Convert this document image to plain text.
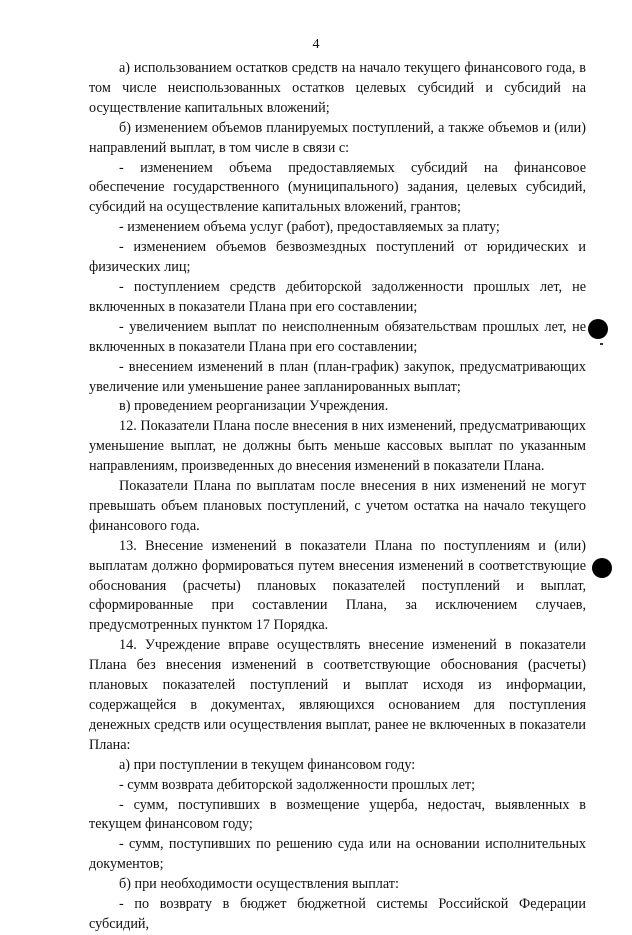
4

а) использованием остатков средств на начало текущего финансового года, в том числе неиспользованных остатков целевых субсидий и субсидий на осуществление капитальных вложений;

б) изменением объемов планируемых поступлений, а также объемов и (или) направлений выплат, в том числе в связи с:

- изменением объема предоставляемых субсидий на финансовое обеспечение государственного (муниципального) задания, целевых субсидий, субсидий на осуществление капитальных вложений, грантов;

- изменением объема услуг (работ), предоставляемых за плату;

- изменением объемов безвозмездных поступлений от юридических и физических лиц;

- поступлением средств дебиторской задолженности прошлых лет, не включенных в показатели Плана при его составлении;

- увеличением выплат по неисполненным обязательствам прошлых лет, не включенных в показатели Плана при его составлении;

- внесением изменений в план (план-график) закупок, предусматривающих увеличение или уменьшение ранее запланированных выплат;

в) проведением реорганизации Учреждения.

12. Показатели Плана после внесения в них изменений, предусматривающих уменьшение выплат, не должны быть меньше кассовых выплат по указанным направлениям, произведенных до внесения изменений в показатели Плана.

Показатели Плана по выплатам после внесения в них изменений не могут превышать объем плановых поступлений, с учетом остатка на начало текущего финансового года.

13. Внесение изменений в показатели Плана по поступлениям и (или) выплатам должно формироваться путем внесения изменений в соответствующие обоснования (расчеты) плановых показателей поступлений и выплат, сформированные при составлении Плана, за исключением случаев, предусмотренных пунктом 17 Порядка.

14. Учреждение вправе осуществлять внесение изменений в показатели Плана без внесения изменений в соответствующие обоснования (расчеты) плановых показателей поступлений и выплат исходя из информации, содержащейся в документах, являющихся основанием для поступления денежных средств или осуществления выплат, ранее не включенных в показатели Плана:

а) при поступлении в текущем финансовом году:

- сумм возврата дебиторской задолженности прошлых лет;

- сумм, поступивших в возмещение ущерба, недостач, выявленных в текущем финансовом году;

- сумм, поступивших по решению суда или на основании исполнительных документов;

б) при необходимости осуществления выплат:

- по возврату в бюджет бюджетной системы Российской Федерации субсидий,
